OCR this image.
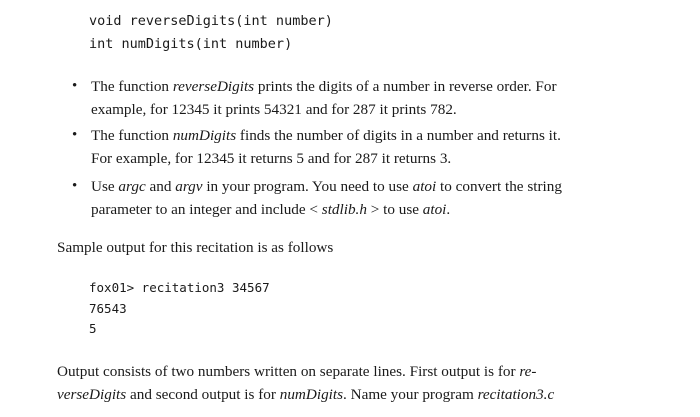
void reverseDigits(int number)
int numDigits(int number)
• The function reverseDigits prints the digits of a number in reverse order. For
example, for 12345 it prints 54321 and for 287 it prints 782.
• The function numDigits finds the number of digits in a number and returns it.
For example, for 12345 it returns 5 and for 287 it returns 3.
• Use argc and argv in your program. You need to use atoi to convert the string
parameter to an integer and include < stdlib.h > to use atoi.
Sample output for this recitation is as follows
fox01> recitation3 34567
76543
5
Output consists of two numbers written on separate lines. First output is for re-
verseDigits and second output is for numDigits. Name your program recitation3.c
